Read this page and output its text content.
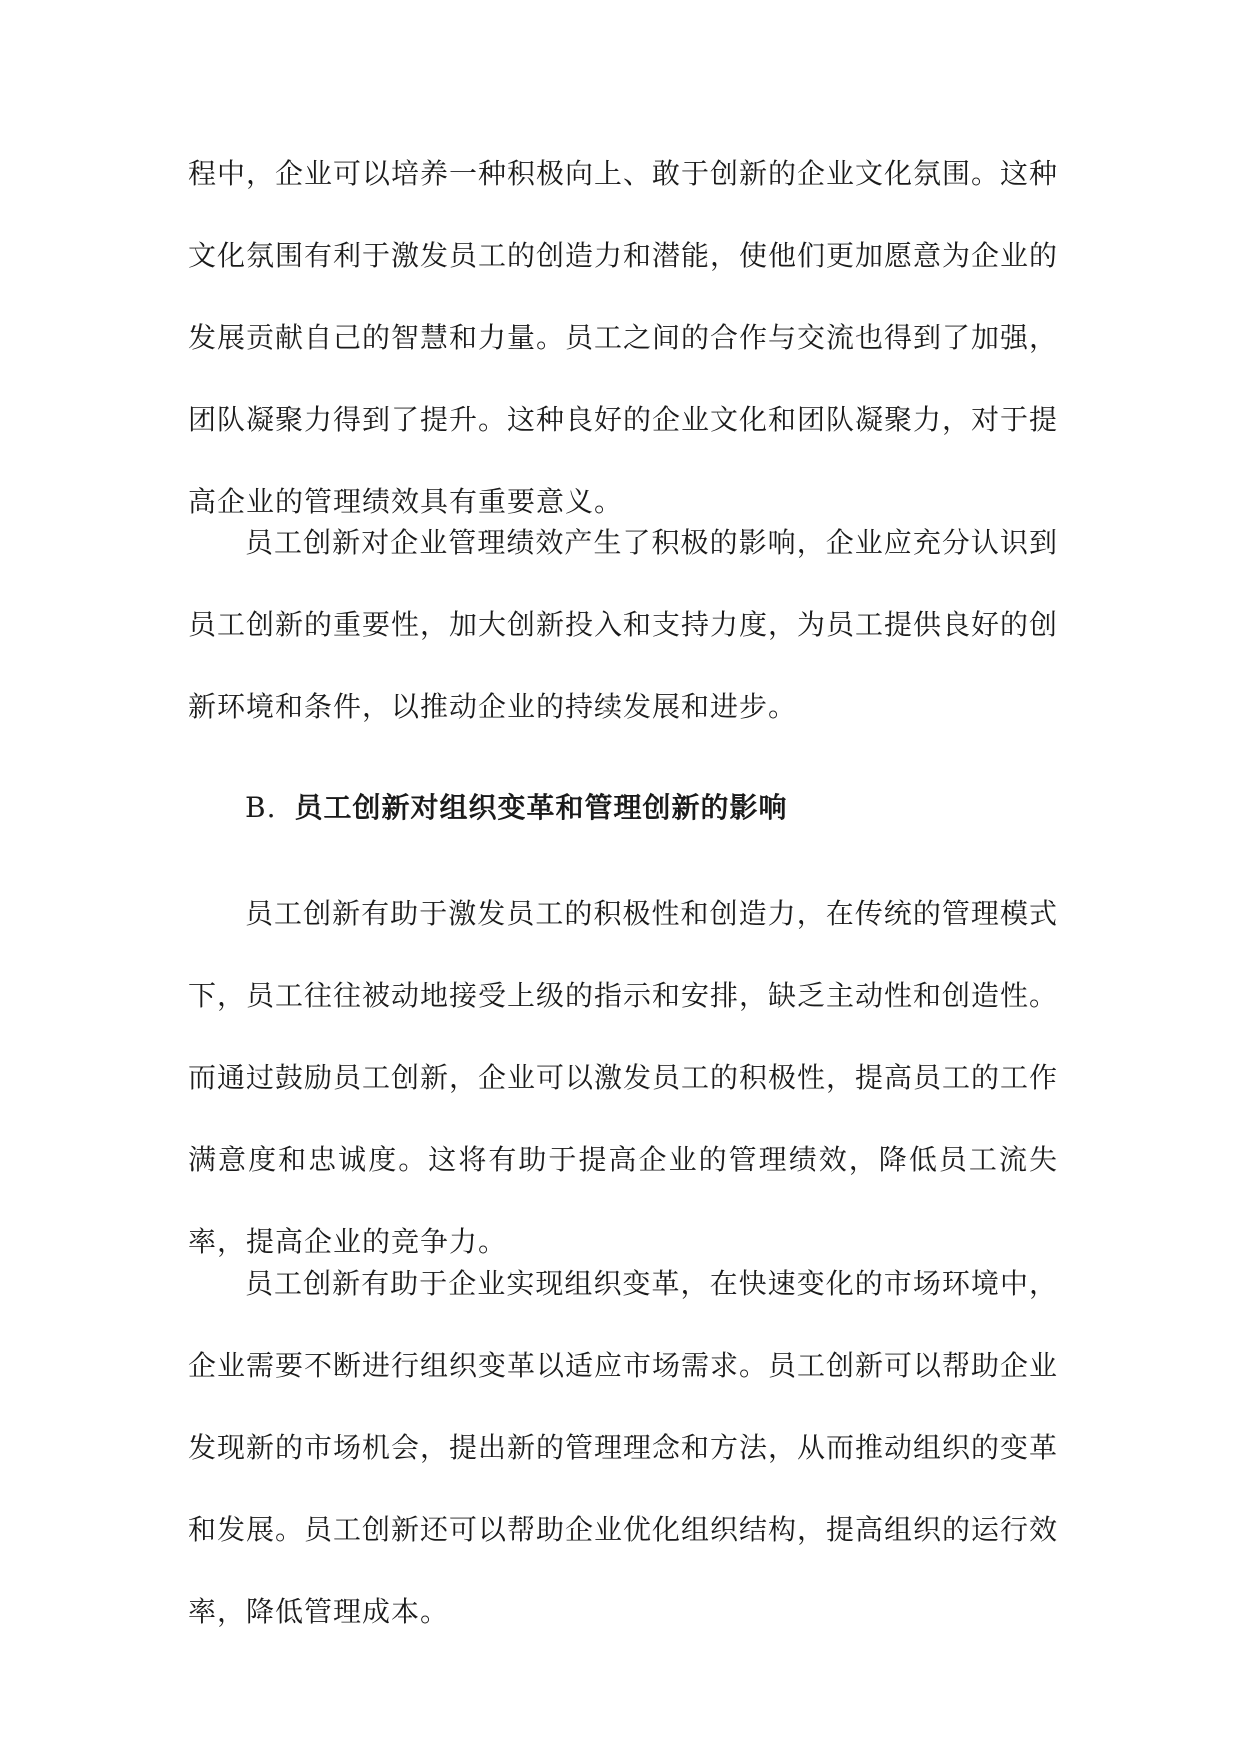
程中，企业可以培养一种积极向上、敢于创新的企业文化氛围。这种文化氛围有利于激发员工的创造力和潜能，使他们更加愿意为企业的发展贡献自己的智慧和力量。员工之间的合作与交流也得到了加强，团队凝聚力得到了提升。这种良好的企业文化和团队凝聚力，对于提高企业的管理绩效具有重要意义。

员工创新对企业管理绩效产生了积极的影响，企业应充分认识到员工创新的重要性，加大创新投入和支持力度，为员工提供良好的创新环境和条件，以推动企业的持续发展和进步。

B. 员工创新对组织变革和管理创新的影响

员工创新有助于激发员工的积极性和创造力，在传统的管理模式下，员工往往被动地接受上级的指示和安排，缺乏主动性和创造性。而通过鼓励员工创新，企业可以激发员工的积极性，提高员工的工作满意度和忠诚度。这将有助于提高企业的管理绩效，降低员工流失率，提高企业的竞争力。

员工创新有助于企业实现组织变革，在快速变化的市场环境中，企业需要不断进行组织变革以适应市场需求。员工创新可以帮助企业发现新的市场机会，提出新的管理理念和方法，从而推动组织的变革和发展。员工创新还可以帮助企业优化组织结构，提高组织的运行效率，降低管理成本。
